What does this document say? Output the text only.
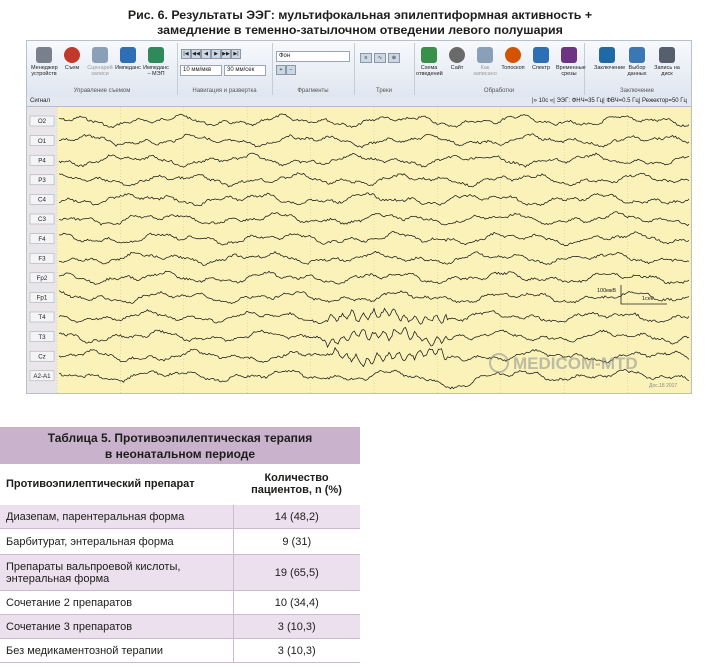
Рис. 6. Результаты ЭЭГ: мультифокальная эпилептиформная активность +
замедление в теменно-затылочном отведении левого полушария
Менеджер устройств
Съем	Сценарий записи
Импеданс Импеданс – МЭП
Управление съемом
|◀ ◀◀ ◀	▶ ▶▶ ▶|
10 мм/мкв	30 мм/сек
Навигация и развертка
Фон
+	−
Фрагменты
≡	∿	⊕
Треки
Схема отведений
Сайт	Как записано
Топоскоп	Спектр	Временные срезы
Обработки
Заключение Выбор данных
Запись на диск
Заключение
Сигнал	|» 10с «| ЭЭГ: ФНЧ=35 Гц| ФВЧ=0.5 Гц| Режектор=50 Гц
O2
O1
P4
P3
C4
C3
F4
F3
Fp2
Fp1
T4
T3
Cz
A2-A1
100мкВ
1сек
MEDICOM-MTD
Дос.18 2017
Таблица 5. Противоэпилептическая терапия
в неонатальном периоде
Противоэпилептический препарат	Количество
пациентов, n (%)

Диазепам, парентеральная форма	14 (48,2)
Барбитурат, энтеральная форма	9 (31)
Препараты вальпроевой кислоты, энтеральная форма	19 (65,5)
Сочетание 2 препаратов	10 (34,4)
Сочетание 3 препаратов	3 (10,3)
Без медикаментозной терапии	3 (10,3)
